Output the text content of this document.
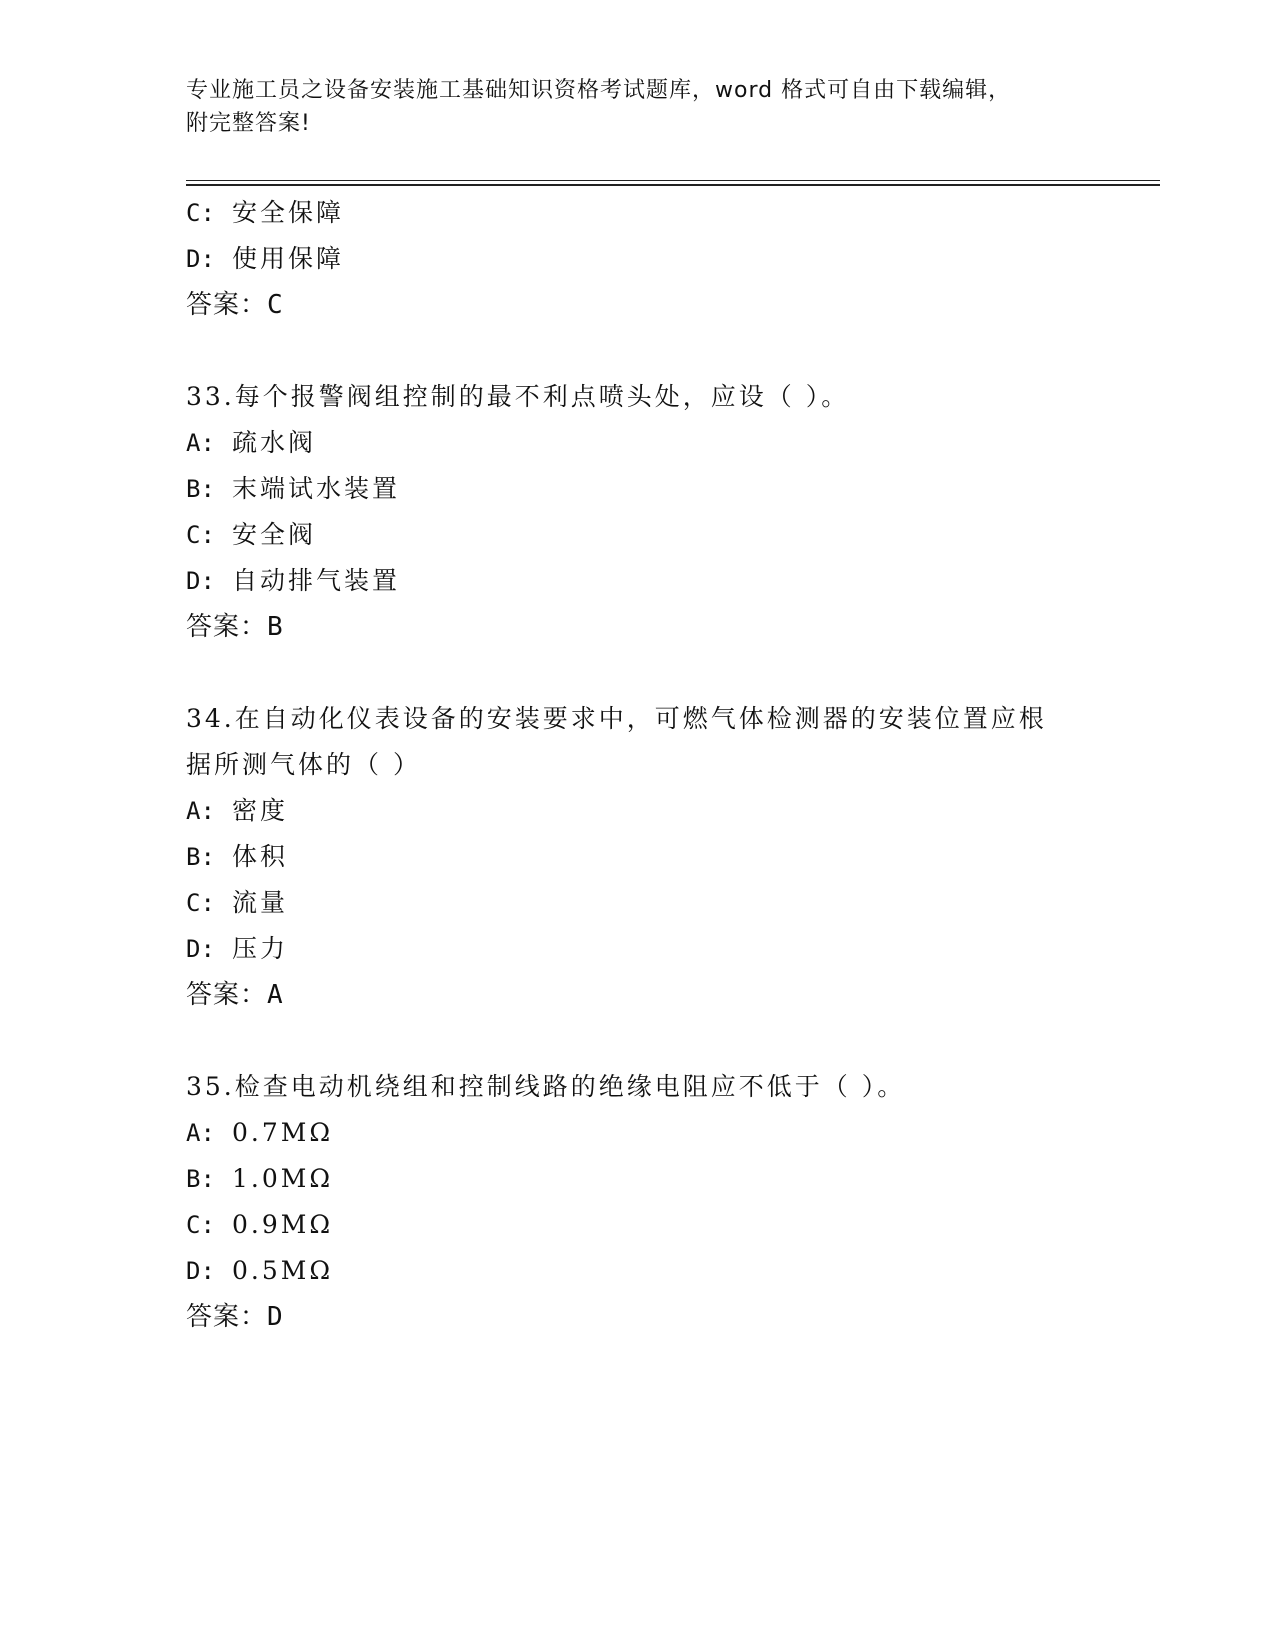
专业施工员之设备安装施工基础知识资格考试题库，word 格式可自由下载编辑，
附完整答案!
C: 安全保障
D: 使用保障
答案：C
33.每个报警阀组控制的最不利点喷头处，应设（ ）。
A: 疏水阀
B: 末端试水装置
C: 安全阀
D: 自动排气装置
答案：B
34.在自动化仪表设备的安装要求中，可燃气体检测器的安装位置应根据所测气体的（ ）
A: 密度
B: 体积
C: 流量
D: 压力
答案：A
35.检查电动机绕组和控制线路的绝缘电阻应不低于（ ）。
A: 0.7MΩ
B: 1.0MΩ
C: 0.9MΩ
D: 0.5MΩ
答案：D
